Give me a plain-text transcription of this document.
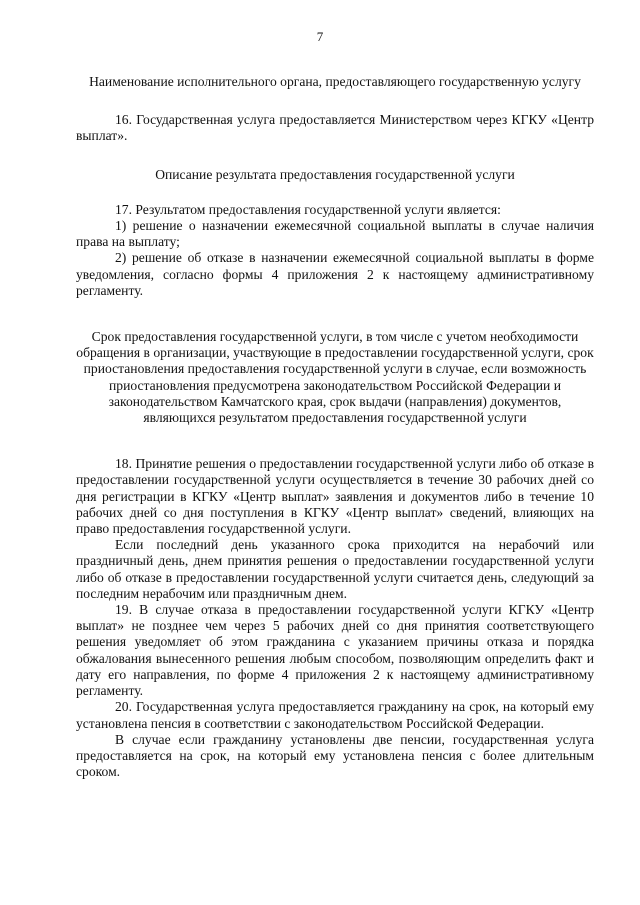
7

Наименование исполнительного органа, предоставляющего государственную услугу

16. Государственная услуга предоставляется Министерством через КГКУ «Центр выплат».

Описание результата предоставления государственной услуги

17. Результатом предоставления государственной услуги является:

1) решение о назначении ежемесячной социальной выплаты в случае наличия права на выплату;

2) решение об отказе в назначении ежемесячной социальной выплаты в форме уведомления, согласно формы 4 приложения 2 к настоящему административному регламенту.

Срок предоставления государственной услуги, в том числе с учетом необходимости обращения в организации, участвующие в предоставлении государственной услуги, срок приостановления предоставления государственной услуги в случае, если возможность приостановления предусмотрена законодательством Российской Федерации и законодательством Камчатского края, срок выдачи (направления) документов, являющихся результатом предоставления государственной услуги

18. Принятие решения о предоставлении государственной услуги либо об отказе в предоставлении государственной услуги осуществляется в течение 30 рабочих дней со дня регистрации в КГКУ «Центр выплат» заявления и документов либо в течение 10 рабочих дней со дня поступления в КГКУ «Центр выплат» сведений, влияющих на право предоставления государственной услуги.

Если последний день указанного срока приходится на нерабочий или праздничный день, днем принятия решения о предоставлении государственной услуги либо об отказе в предоставлении государственной услуги считается день, следующий за последним нерабочим или праздничным днем.

19. В случае отказа в предоставлении государственной услуги КГКУ «Центр выплат» не позднее чем через 5 рабочих дней со дня принятия соответствующего решения уведомляет об этом гражданина с указанием причины отказа и порядка обжалования вынесенного решения любым способом, позволяющим определить факт и дату его направления, по форме 4 приложения 2 к настоящему административному регламенту.

20. Государственная услуга предоставляется гражданину на срок, на который ему установлена пенсия в соответствии с законодательством Российской Федерации.

В случае если гражданину установлены две пенсии, государственная услуга предоставляется на срок, на который ему установлена пенсия с более длительным сроком.
